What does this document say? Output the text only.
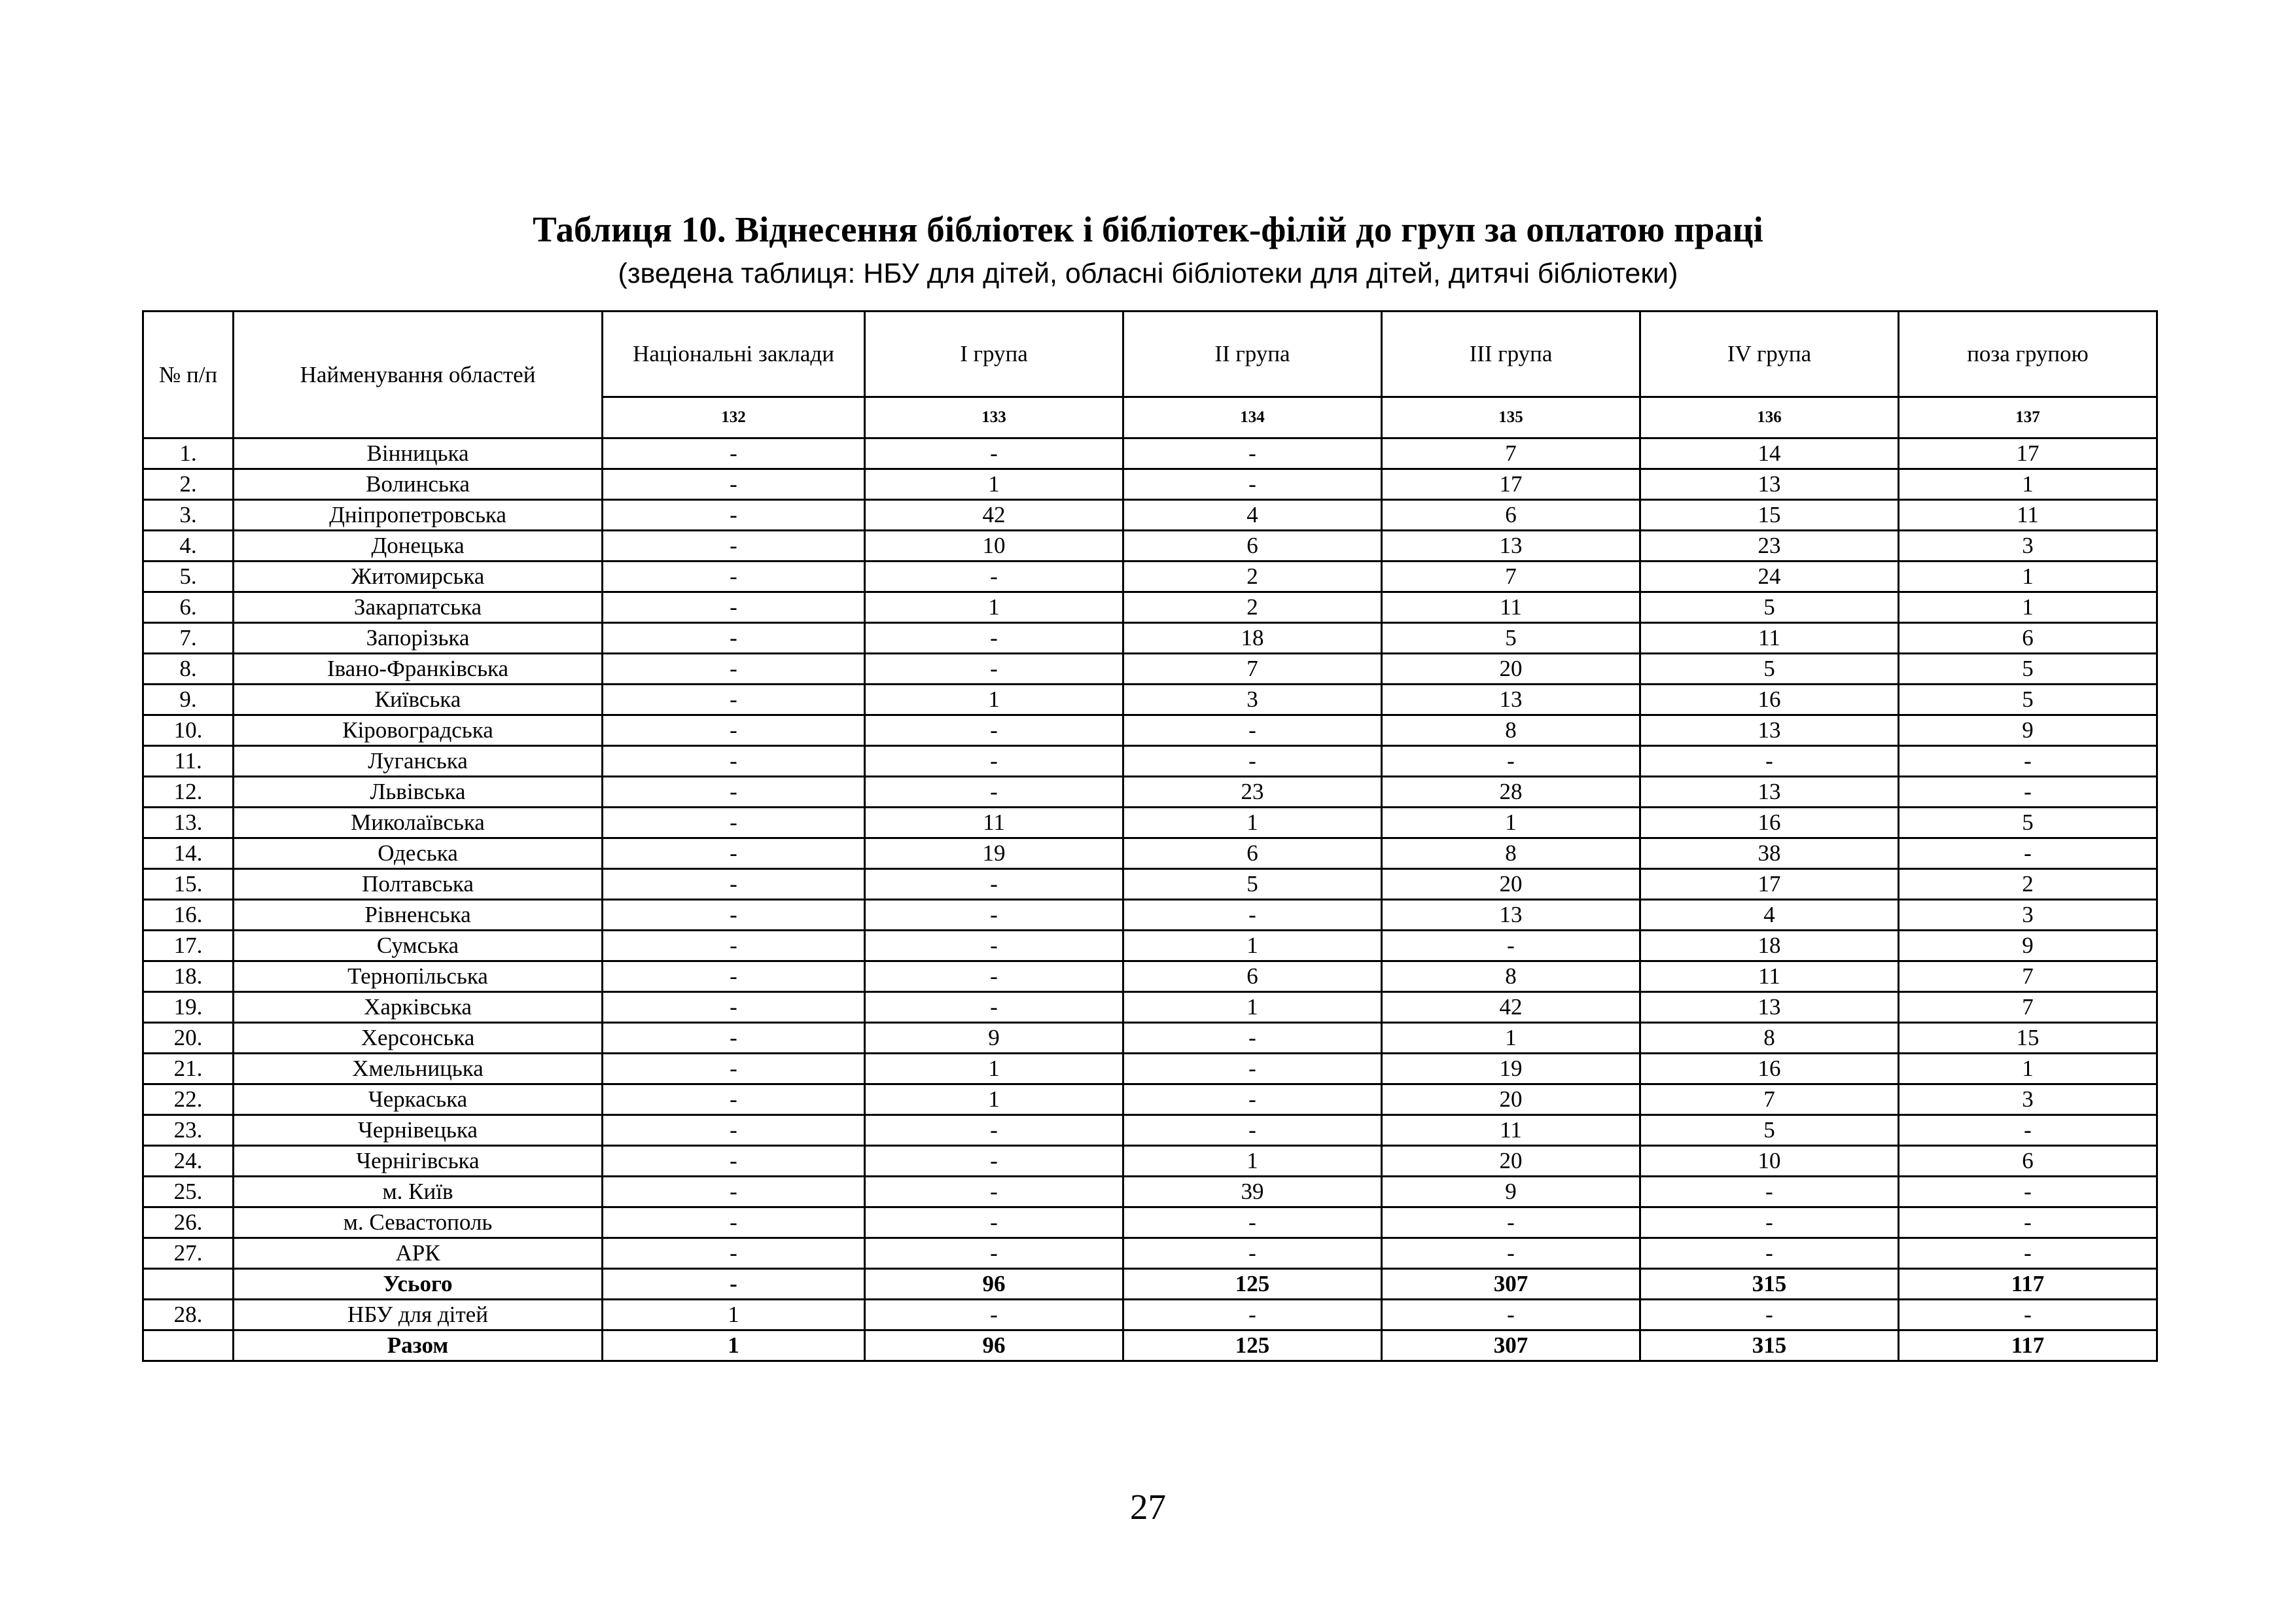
Таблиця 10. Віднесення бібліотек і бібліотек-філій до груп за оплатою праці
(зведена таблиця: НБУ для дітей, обласні бібліотеки для дітей, дитячі бібліотеки)
№ п/п	Найменування областей	Національні заклади	І група	ІІ група	ІІІ група	ІV група	поза групою
		132	133	134	135	136	137
1.	Вінницька	-	-	-	7	14	17
2.	Волинська	-	1	-	17	13	1
3.	Дніпропетровська	-	42	4	6	15	11
4.	Донецька	-	10	6	13	23	3
5.	Житомирська	-	-	2	7	24	1
6.	Закарпатська	-	1	2	11	5	1
7.	Запорізька	-	-	18	5	11	6
8.	Івано-Франківська	-	-	7	20	5	5
9.	Київська	-	1	3	13	16	5
10.	Кіровоградська	-	-	-	8	13	9
11.	Луганська	-	-	-	-	-	-
12.	Львівська	-	-	23	28	13	-
13.	Миколаївська	-	11	1	1	16	5
14.	Одеська	-	19	6	8	38	-
15.	Полтавська	-	-	5	20	17	2
16.	Рівненська	-	-	-	13	4	3
17.	Сумська	-	-	1	-	18	9
18.	Тернопільська	-	-	6	8	11	7
19.	Харківська	-	-	1	42	13	7
20.	Херсонська	-	9	-	1	8	15
21.	Хмельницька	-	1	-	19	16	1
22.	Черкаська	-	1	-	20	7	3
23.	Чернівецька	-	-	-	11	5	-
24.	Чернігівська	-	-	1	20	10	6
25.	м. Київ	-	-	39	9	-	-
26.	м. Севастополь	-	-	-	-	-	-
27.	АРК	-	-	-	-	-	-
	Усього	-	96	125	307	315	117
28.	НБУ для дітей	1	-	-	-	-	-
	Разом	1	96	125	307	315	117
27
